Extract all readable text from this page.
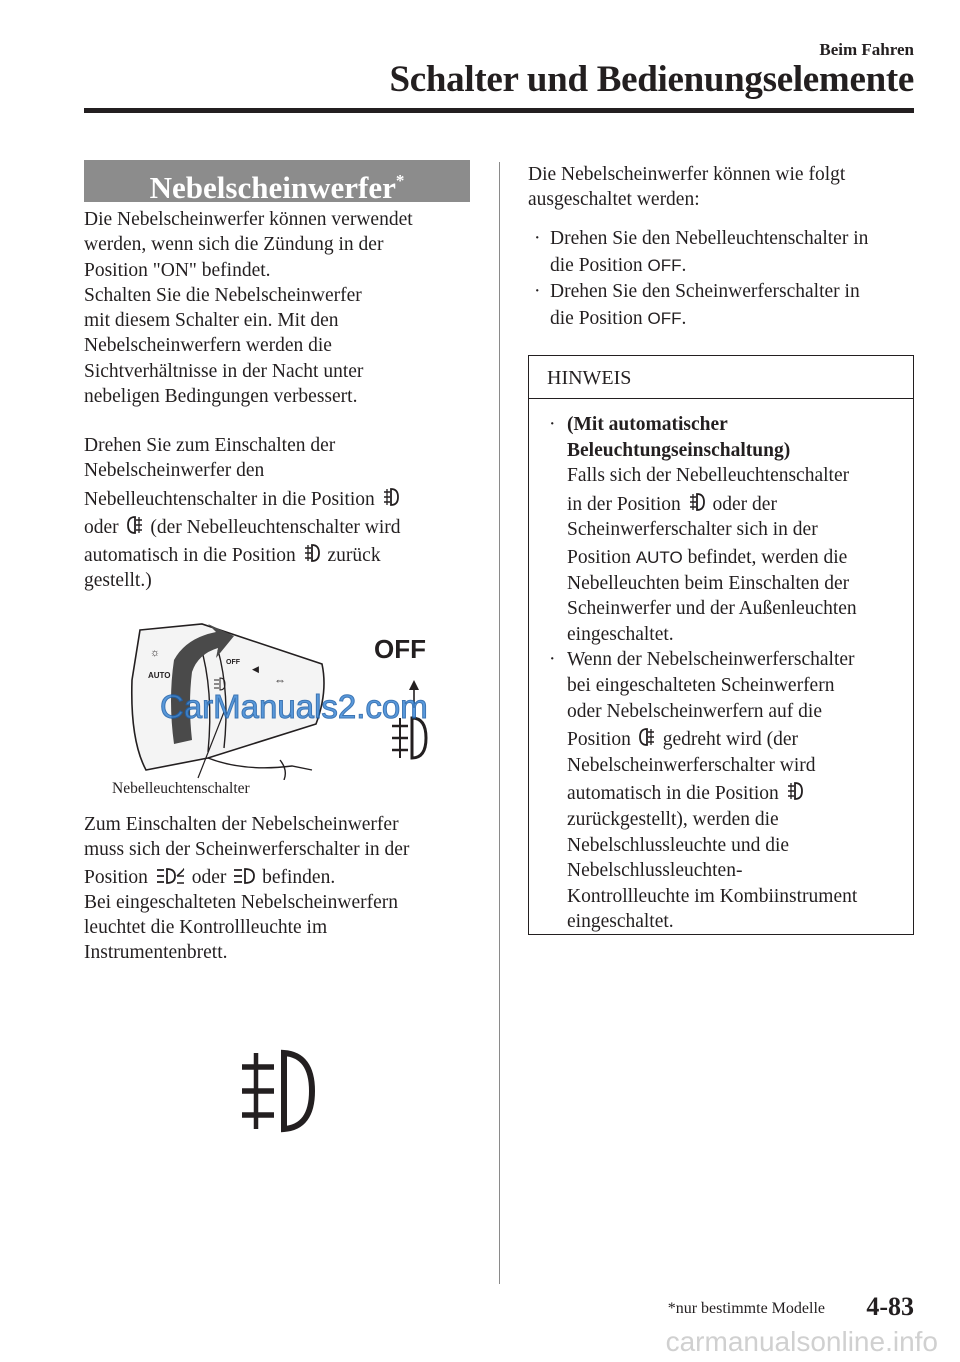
Beim Fahren
Schalter und Bedienungselemente
Nebelscheinwerfer*
Die Nebelscheinwerfer können verwendet
werden, wenn sich die Zündung in der
Position "ON" befindet.
Schalten Sie die Nebelscheinwerfer
mit diesem Schalter ein. Mit den
Nebelscheinwerfern werden die
Sichtverhältnisse in der Nacht unter
nebeligen Bedingungen verbessert.
Drehen Sie zum Einschalten der
Nebelscheinwerfer den
Nebelleuchtenschalter in die Position
oder (der Nebelleuchtenschalter wird
automatisch in die Position zurück
gestellt.)
☼
AUTO
OFF
◀
⇔
OFF
CarManuals2.com
Nebelleuchtenschalter
Zum Einschalten der Nebelscheinwerfer
muss sich der Scheinwerferschalter in der
Position oder befinden.
Bei eingeschalteten Nebelscheinwerfern
leuchtet die Kontrollleuchte im
Instrumentenbrett.
Die Nebelscheinwerfer können wie folgt
ausgeschaltet werden:
· Drehen Sie den Nebelleuchtenschalter in
die Position OFF.
· Drehen Sie den Scheinwerferschalter in
die Position OFF.
HINWEIS
· (Mit automatischer
Beleuchtungseinschaltung)
Falls sich der Nebelleuchtenschalter
in der Position oder der
Scheinwerferschalter sich in der
Position AUTO befindet, werden die
Nebelleuchten beim Einschalten der
Scheinwerfer und der Außenleuchten
eingeschaltet.
· Wenn der Nebelscheinwerferschalter
bei eingeschalteten Scheinwerfern
oder Nebelscheinwerfern auf die
Position gedreht wird (der
Nebelscheinwerferschalter wird
automatisch in die Position
zurückgestellt), werden die
Nebelschlussleuchte und die
Nebelschlussleuchten-
Kontrollleuchte im Kombiinstrument
eingeschaltet.
*nur bestimmte Modelle 4-83
carmanualsonline.info
